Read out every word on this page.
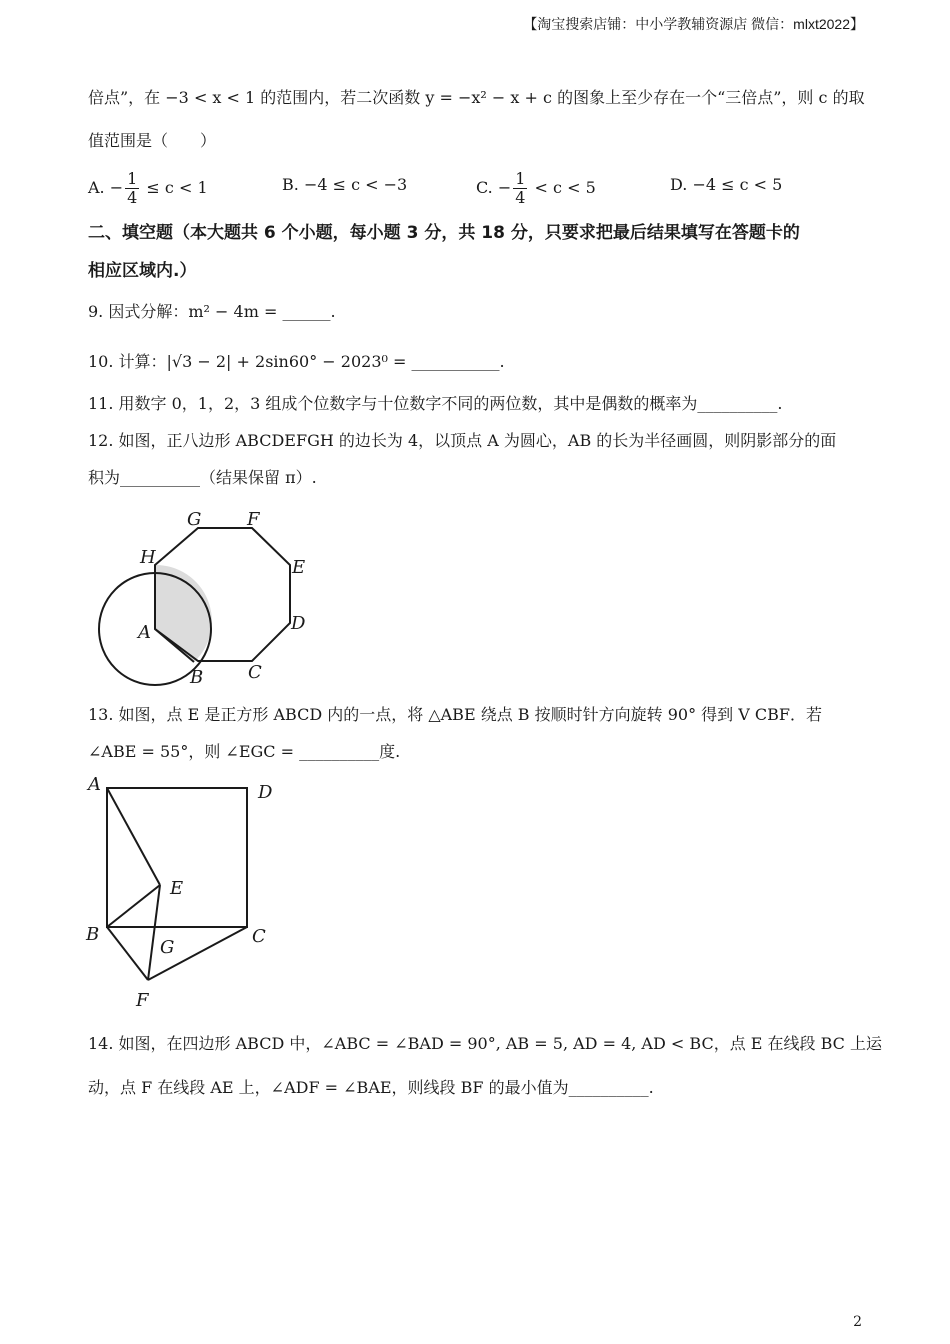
【淘宝搜索店铺：中小学教辅资源店 微信：mlxt2022】
倍点”，在 −3 < x < 1 的范围内，若二次函数 y = −x² − x + c 的图象上至少存在一个“三倍点”，则 c 的取
值范围是（　　）
A. − $\frac{1}{4} \le c < 1$	B. −4 ≤ c < −3	C. − $\frac{1}{4} < c < 5$	D. −4 ≤ c < 5
二、填空题（本大题共 6 个小题，每小题 3 分，共 18 分，只要求把最后结果填写在答题卡的
相应区域内.）
9. 因式分解：m² − 4m = ______.
10. 计算：|√3 − 2| + 2sin60° − 2023⁰ = ___________.
11. 用数字 0，1，2，3 组成个位数字与十位数字不同的两位数，其中是偶数的概率为__________.
12. 如图，正八边形 ABCDEFGH 的边长为 4，以顶点 A 为圆心，AB 的长为半径画圆，则阴影部分的面
积为__________（结果保留 π）.
G	F
H	E
A	D
B C
13. 如图，点 E 是正方形 ABCD 内的一点，将 △ABE 绕点 B 按顺时针方向旋转 90° 得到 V CBF．若
∠ABE = 55°，则 ∠EGC = __________度.
A	D
E
B
G
C
F
14. 如图，在四边形 ABCD 中，∠ABC = ∠BAD = 90°, AB = 5, AD = 4, AD < BC，点 E 在线段 BC 上运
动，点 F 在线段 AE 上，∠ADF = ∠BAE，则线段 BF 的最小值为__________.
2
